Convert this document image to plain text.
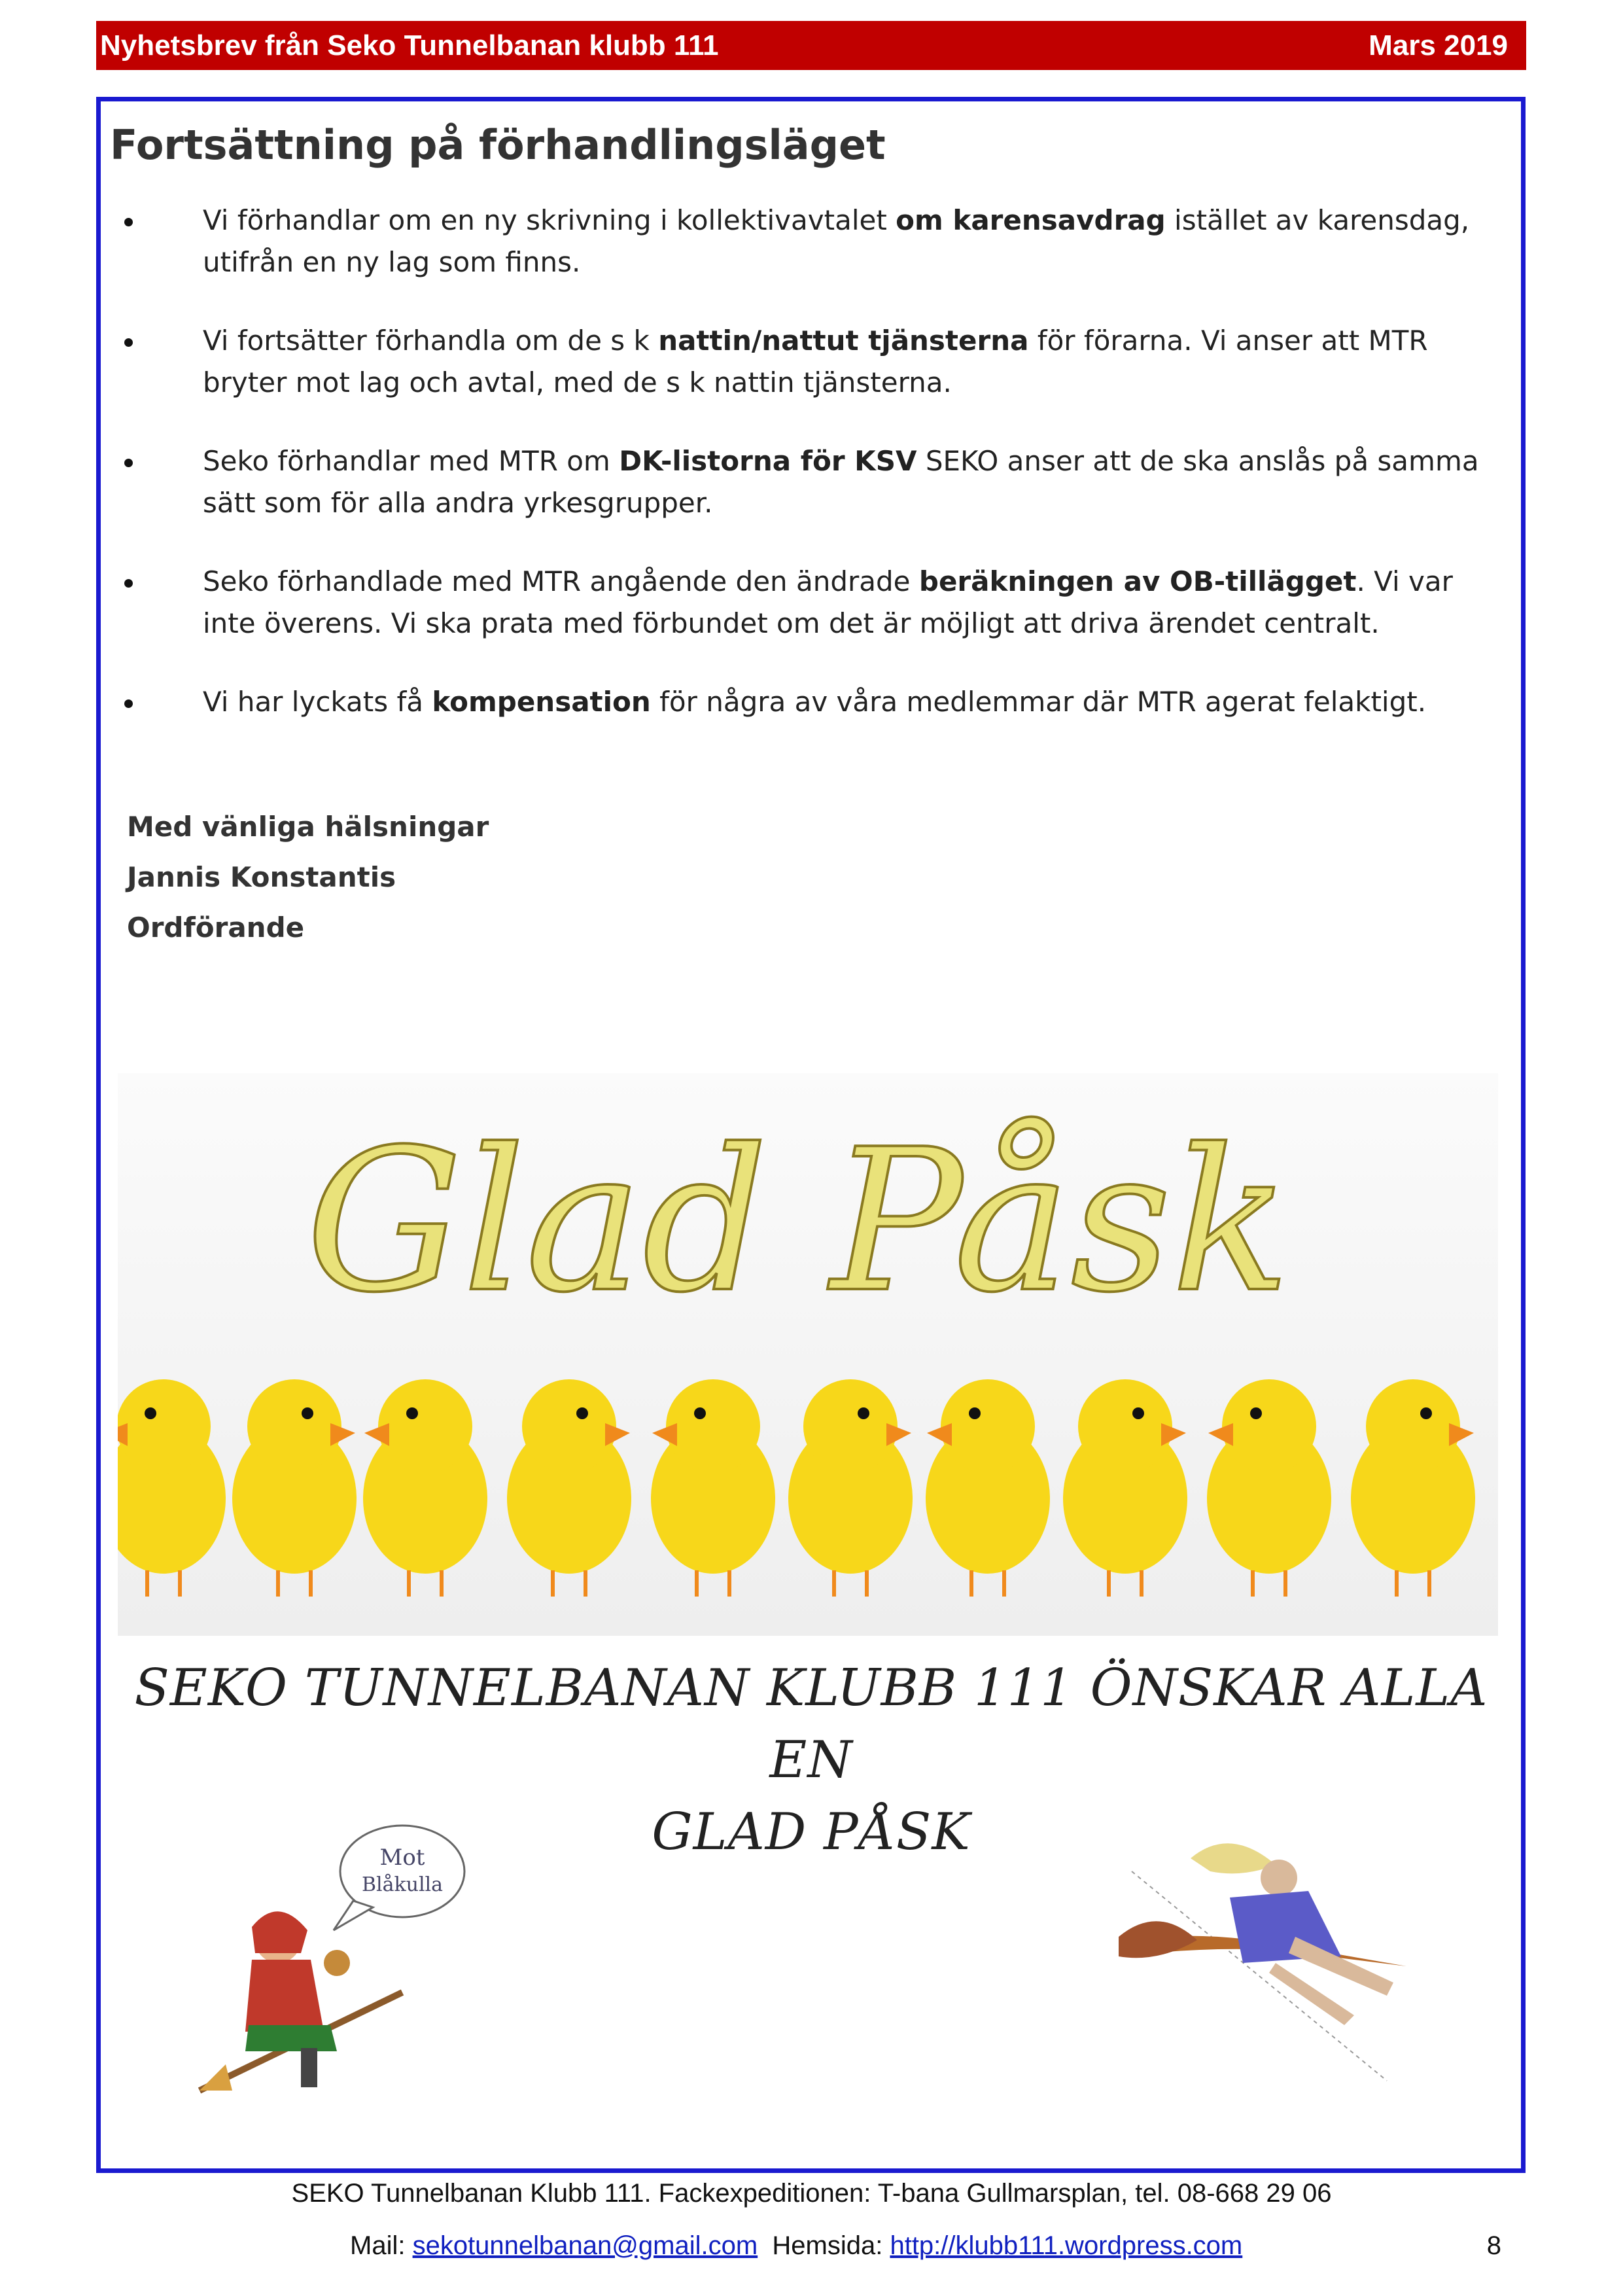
Nyhetsbrev från Seko Tunnelbanan klubb 111	Mars 2019
Fortsättning på förhandlingsläget
Vi förhandlar om en ny skrivning i kollektivavtalet om karensavdrag istället av karensdag, utifrån en ny lag som finns.
Vi fortsätter förhandla om de s k nattin/nattut tjänsterna för förarna. Vi anser att MTR bryter mot lag och avtal, med de s k nattin tjänsterna.
Seko förhandlar med MTR om DK-listorna för KSV SEKO anser att de ska anslås på samma sätt som för alla andra yrkesgrupper.
Seko förhandlade med MTR angående den ändrade beräkningen av OB-tillägget. Vi var inte överens. Vi ska prata med förbundet om det är möjligt att driva ärendet centralt.
Vi har lyckats få kompensation för några av våra medlemmar där MTR agerat felaktigt.
Med vänliga hälsningar
Jannis Konstantis
Ordförande
Glad Påsk
SEKO TUNNELBANAN KLUBB 111 ÖNSKAR ALLA EN
GLAD PÅSK
Mot
Blåkulla
SEKO Tunnelbanan Klubb 111. Fackexpeditionen: T-bana Gullmarsplan, tel. 08-668 29 06
Mail: sekotunnelbanan@gmail.com Hemsida: http://klubb111.wordpress.com	8
